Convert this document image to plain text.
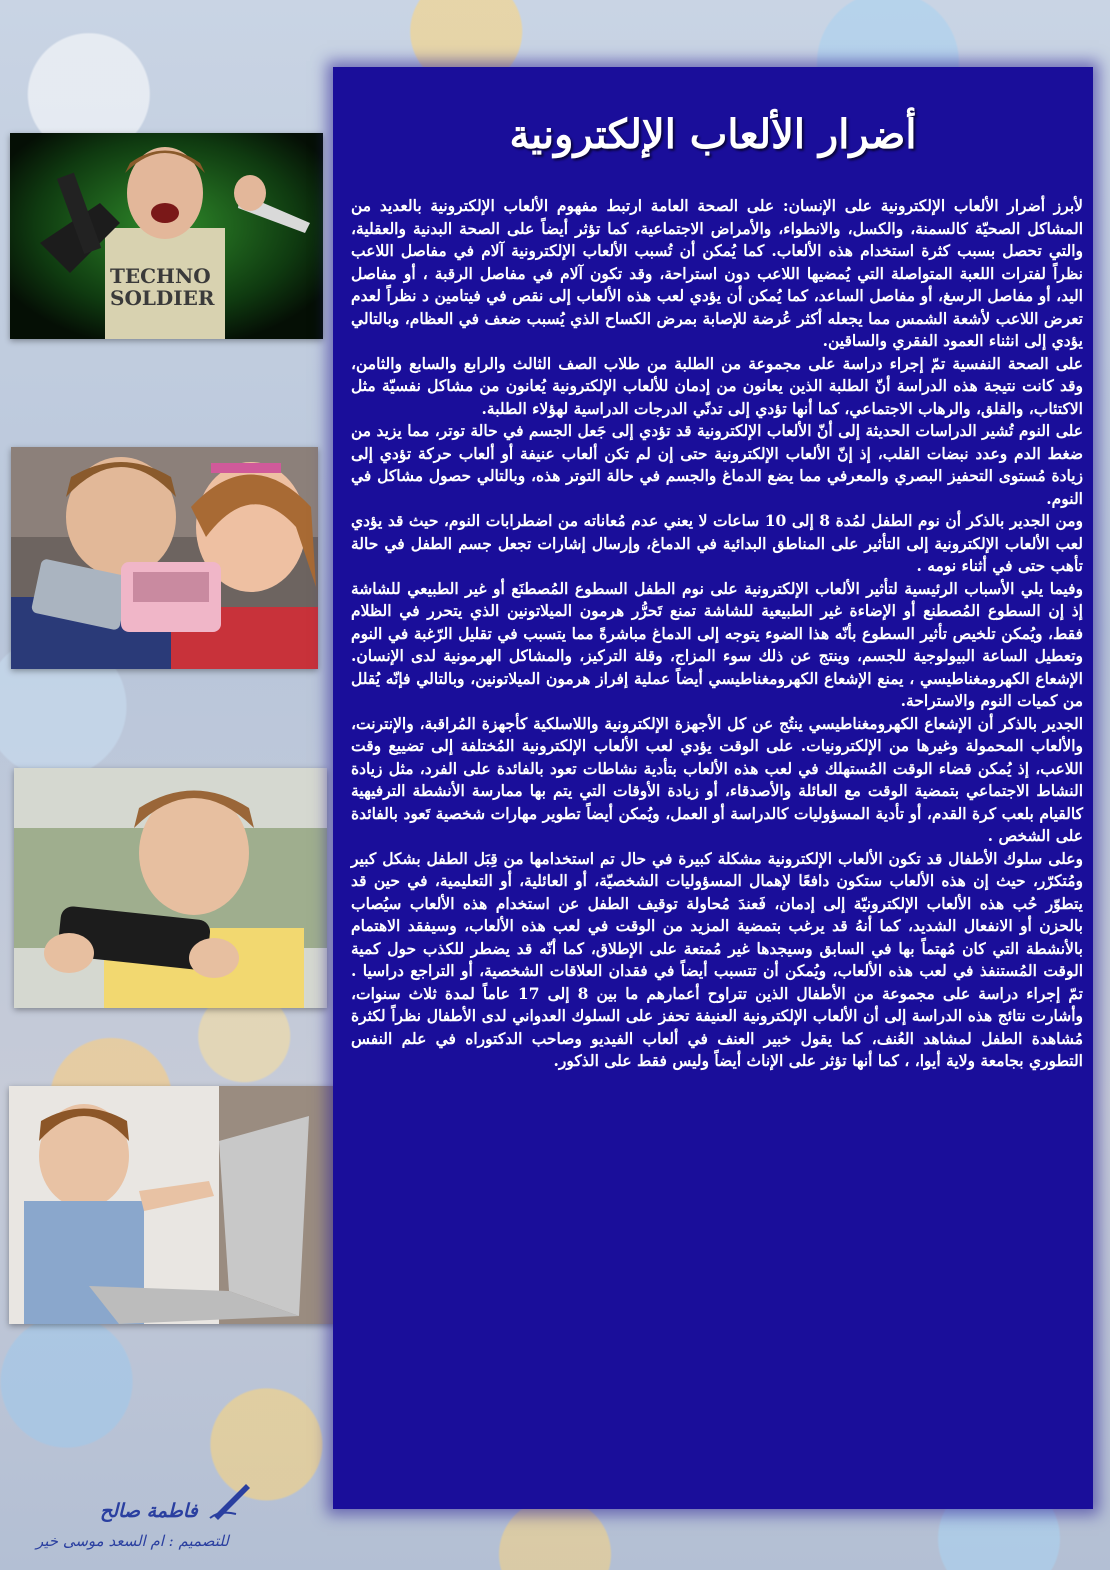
TECHNO
SOLDIER
أضرار الألعاب الإلكترونية

لأبرز أضرار الألعاب الإلكترونية على الإنسان: على الصحة العامة ارتبط مفهوم الألعاب الإلكترونية بالعديد من المشاكل الصحيّة كالسمنة، والكسل، والانطواء، والأمراض الاجتماعية، كما تؤثر أيضاً على الصحة البدنية والعقلية، والتي تحصل بسبب كثرة استخدام هذه الألعاب. كما يُمكن أن تُسبب الألعاب الإلكترونية آلام في مفاصل اللاعب نظراً لفترات اللعبة المتواصلة التي يُمضيها اللاعب دون استراحة، وقد تكون آلام في مفاصل الرقبة ، أو مفاصل اليد، أو مفاصل الرسغ، أو مفاصل الساعد، كما يُمكن أن يؤدي لعب هذه الألعاب إلى نقص في فيتامين د نظراً لعدم تعرض اللاعب لأشعة الشمس مما يجعله أكثر عُرضة للإصابة بمرض الكساح الذي يُسبب ضعف في العظام، وبالتالي يؤدي إلى انثناء العمود الفقري والساقين.

على الصحة النفسية تمّ إجراء دراسة على مجموعة من الطلبة من طلاب الصف الثالث والرابع والسابع والثامن، وقد كانت نتيجة هذه الدراسة أنّ الطلبة الذين يعانون من إدمان للألعاب الإلكترونية يُعانون من مشاكل نفسيّة مثل الاكتئاب، والقلق، والرهاب الاجتماعي، كما أنها تؤدي إلى تدنّي الدرجات الدراسية لهؤلاء الطلبة.

على النوم تُشير الدراسات الحديثة إلى أنّ الألعاب الإلكترونية قد تؤدي إلى جَعل الجسم في حالة توتر، مما يزيد من ضغط الدم وعدد نبضات القلب، إذ إنّ الألعاب الإلكترونية حتى إن لم تكن ألعاب عنيفة أو ألعاب حركة تؤدي إلى زيادة مُستوى التحفيز البصري والمعرفي مما يضع الدماغ والجسم في حالة التوتر هذه، وبالتالي حصول مشاكل في النوم.

ومن الجدير بالذكر أن نوم الطفل لمُدة 8 إلى 10 ساعات لا يعني عدم مُعاناته من اضطرابات النوم، حيث قد يؤدي لعب الألعاب الإلكترونية إلى التأثير على المناطق البدائية في الدماغ، وإرسال إشارات تجعل جسم الطفل في حالة تأهب حتى في أثناء نومه .

وفيما يلي الأسباب الرئيسية لتأثير الألعاب الإلكترونية على نوم الطفل السطوع المُصطنَع أو غير الطبيعي للشاشة إذ إن السطوع المُصطنع أو الإضاءة غير الطبيعية للشاشة تمنع تَحرُّر هرمون الميلاتونين الذي يتحرر في الظلام فقط، ويُمكن تلخيص تأثير السطوع بأنّه هذا الضوء يتوجه إلى الدماغ مباشرةً مما يتسبب في تقليل الرّغبة في النوم وتعطيل الساعة البيولوجية للجسم، وينتج عن ذلك سوء المزاج، وقلة التركيز، والمشاكل الهرمونية لدى الإنسان. الإشعاع الكهرومغناطيسي ، يمنع الإشعاع الكهرومغناطيسي أيضاً عملية إفراز هرمون الميلاتونين، وبالتالي فإنّه يُقلل من كميات النوم والاستراحة.

الجدير بالذكر أن الإشعاع الكهرومغناطيسي ينتُج عن كل الأجهزة الإلكترونية واللاسلكية كأجهزة المُراقبة، والإنترنت، والألعاب المحمولة وغيرها من الإلكترونيات. على الوقت يؤدي لعب الألعاب الإلكترونية المُختلفة إلى تضييع وقت اللاعب، إذ يُمكن قضاء الوقت المُستهلك في لعب هذه الألعاب بتأدية نشاطات تعود بالفائدة على الفرد، مثل زيادة النشاط الاجتماعي بتمضية الوقت مع العائلة والأصدقاء، أو زيادة الأوقات التي يتم بها ممارسة الأنشطة الترفيهية كالقيام بلعب كرة القدم، أو تأدية المسؤوليات كالدراسة أو العمل، ويُمكن أيضاً تطوير مهارات شخصية تَعود بالفائدة على الشخص .

وعلى سلوك الأطفال قد تكون الألعاب الإلكترونية مشكلة كبيرة في حال تم استخدامها من قِبَل الطفل بشكل كبير ومُتكرّر، حيث إن هذه الألعاب ستكون دافعًا لإهمال المسؤوليات الشخصيّة، أو العائلية، أو التعليمية، في حين قد يتطوّر حُب هذه الألعاب الإلكترونيّة إلى إدمان، فَعندَ مُحاولة توقيف الطفل عن استخدام هذه الألعاب سيُصاب بالحزن أو الانفعال الشديد، كما أنهُ قد يرغب بتمضية المزيد من الوقت في لعب هذه الألعاب، وسيفقد الاهتمام بالأنشطة التي كان مُهتماً بها في السابق وسيجدها غير مُمتعة على الإطلاق، كما أنّه قد يضطر للكذب حول كمية الوقت المُستنفذ في لعب هذه الألعاب، ويُمكن أن تتسبب أيضاً في فقدان العلاقات الشخصية، أو التراجع دراسيا . تمّ إجراء دراسة على مجموعة من الأطفال الذين تتراوح أعمارهم ما بين 8 إلى 17 عاماً لمدة ثلاث سنوات، وأشارت نتائج هذه الدراسة إلى أن الألعاب الإلكترونية العنيفة تحفز على السلوك العدواني لدى الأطفال نظراً لكثرة مُشاهدة الطفل لمشاهد العُنف، كما يقول خبير العنف في ألعاب الفيديو وصاحب الدكتوراه في علم النفس التطوري بجامعة ولاية أيوا، ، كما أنها تؤثر على الإناث أيضاً وليس فقط على الذكور.

فاطمة صالح
للتصميم : ام السعد موسى خير
